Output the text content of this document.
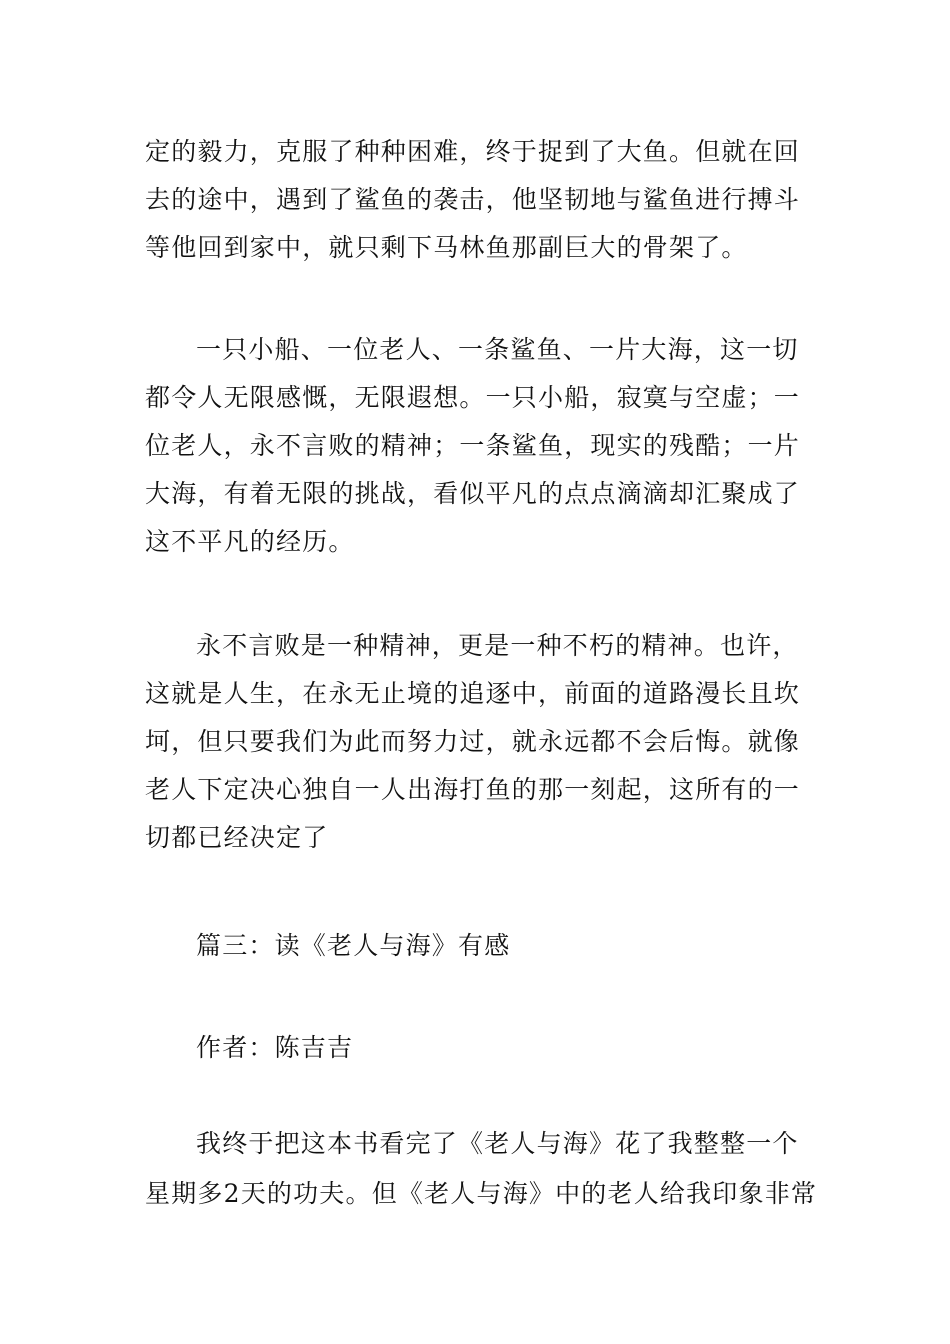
定的毅力，克服了种种困难，终于捉到了大鱼。但就在回
去的途中，遇到了鲨鱼的袭击，他坚韧地与鲨鱼进行搏斗
等他回到家中，就只剩下马林鱼那副巨大的骨架了。
一只小船、一位老人、一条鲨鱼、一片大海，这一切
都令人无限感慨，无限遐想。一只小船，寂寞与空虚；一
位老人，永不言败的精神；一条鲨鱼，现实的残酷；一片
大海，有着无限的挑战，看似平凡的点点滴滴却汇聚成了
这不平凡的经历。
永不言败是一种精神，更是一种不朽的精神。也许，
这就是人生，在永无止境的追逐中，前面的道路漫长且坎
坷，但只要我们为此而努力过，就永远都不会后悔。就像
老人下定决心独自一人出海打鱼的那一刻起，这所有的一
切都已经决定了
篇三：读《老人与海》有感
作者：陈吉吉
我终于把这本书看完了《老人与海》花了我整整一个
星期多2天的功夫。但《老人与海》中的老人给我印象非常
